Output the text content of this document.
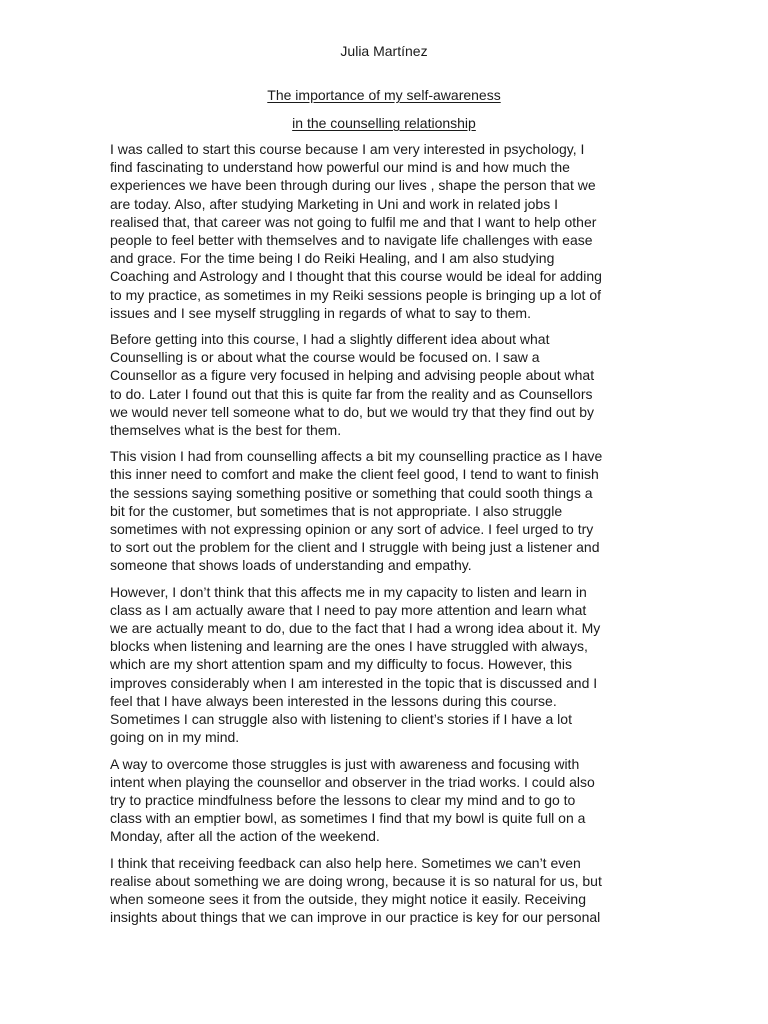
Julia Martínez
The importance of my self-awareness
in the counselling relationship

I was called to start this course because I am very interested in psychology, I
find fascinating to understand how powerful our mind is and how much the
experiences we have been through during our lives , shape the person that we
are today. Also, after studying Marketing in Uni and work in related jobs I
realised that, that career was not going to fulfil me and that I want to help other
people to feel better with themselves and to navigate life challenges with ease
and grace. For the time being I do Reiki Healing, and I am also studying
Coaching and Astrology and I thought that this course would be ideal for adding
to my practice, as sometimes in my Reiki sessions people is bringing up a lot of
issues and I see myself struggling in regards of what to say to them.

Before getting into this course, I had a slightly different idea about what
Counselling is or about what the course would be focused on. I saw a
Counsellor as a figure very focused in helping and advising people about what
to do. Later I found out that this is quite far from the reality and as Counsellors
we would never tell someone what to do, but we would try that they find out by
themselves what is the best for them.

This vision I had from counselling affects a bit my counselling practice as I have
this inner need to comfort and make the client feel good, I tend to want to finish
the sessions saying something positive or something that could sooth things a
bit for the customer, but sometimes that is not appropriate. I also struggle
sometimes with not expressing opinion or any sort of advice. I feel urged to try
to sort out the problem for the client and I struggle with being just a listener and
someone that shows loads of understanding and empathy.

However, I don’t think that this affects me in my capacity to listen and learn in
class as I am actually aware that I need to pay more attention and learn what
we are actually meant to do, due to the fact that I had a wrong idea about it. My
blocks when listening and learning are the ones I have struggled with always,
which are my short attention spam and my difficulty to focus. However, this
improves considerably when I am interested in the topic that is discussed and I
feel that I have always been interested in the lessons during this course.
Sometimes I can struggle also with listening to client’s stories if I have a lot
going on in my mind.

A way to overcome those struggles is just with awareness and focusing with
intent when playing the counsellor and observer in the triad works. I could also
try to practice mindfulness before the lessons to clear my mind and to go to
class with an emptier bowl, as sometimes I find that my bowl is quite full on a
Monday, after all the action of the weekend.

I think that receiving feedback can also help here. Sometimes we can’t even
realise about something we are doing wrong, because it is so natural for us, but
when someone sees it from the outside, they might notice it easily. Receiving
insights about things that we can improve in our practice is key for our personal
